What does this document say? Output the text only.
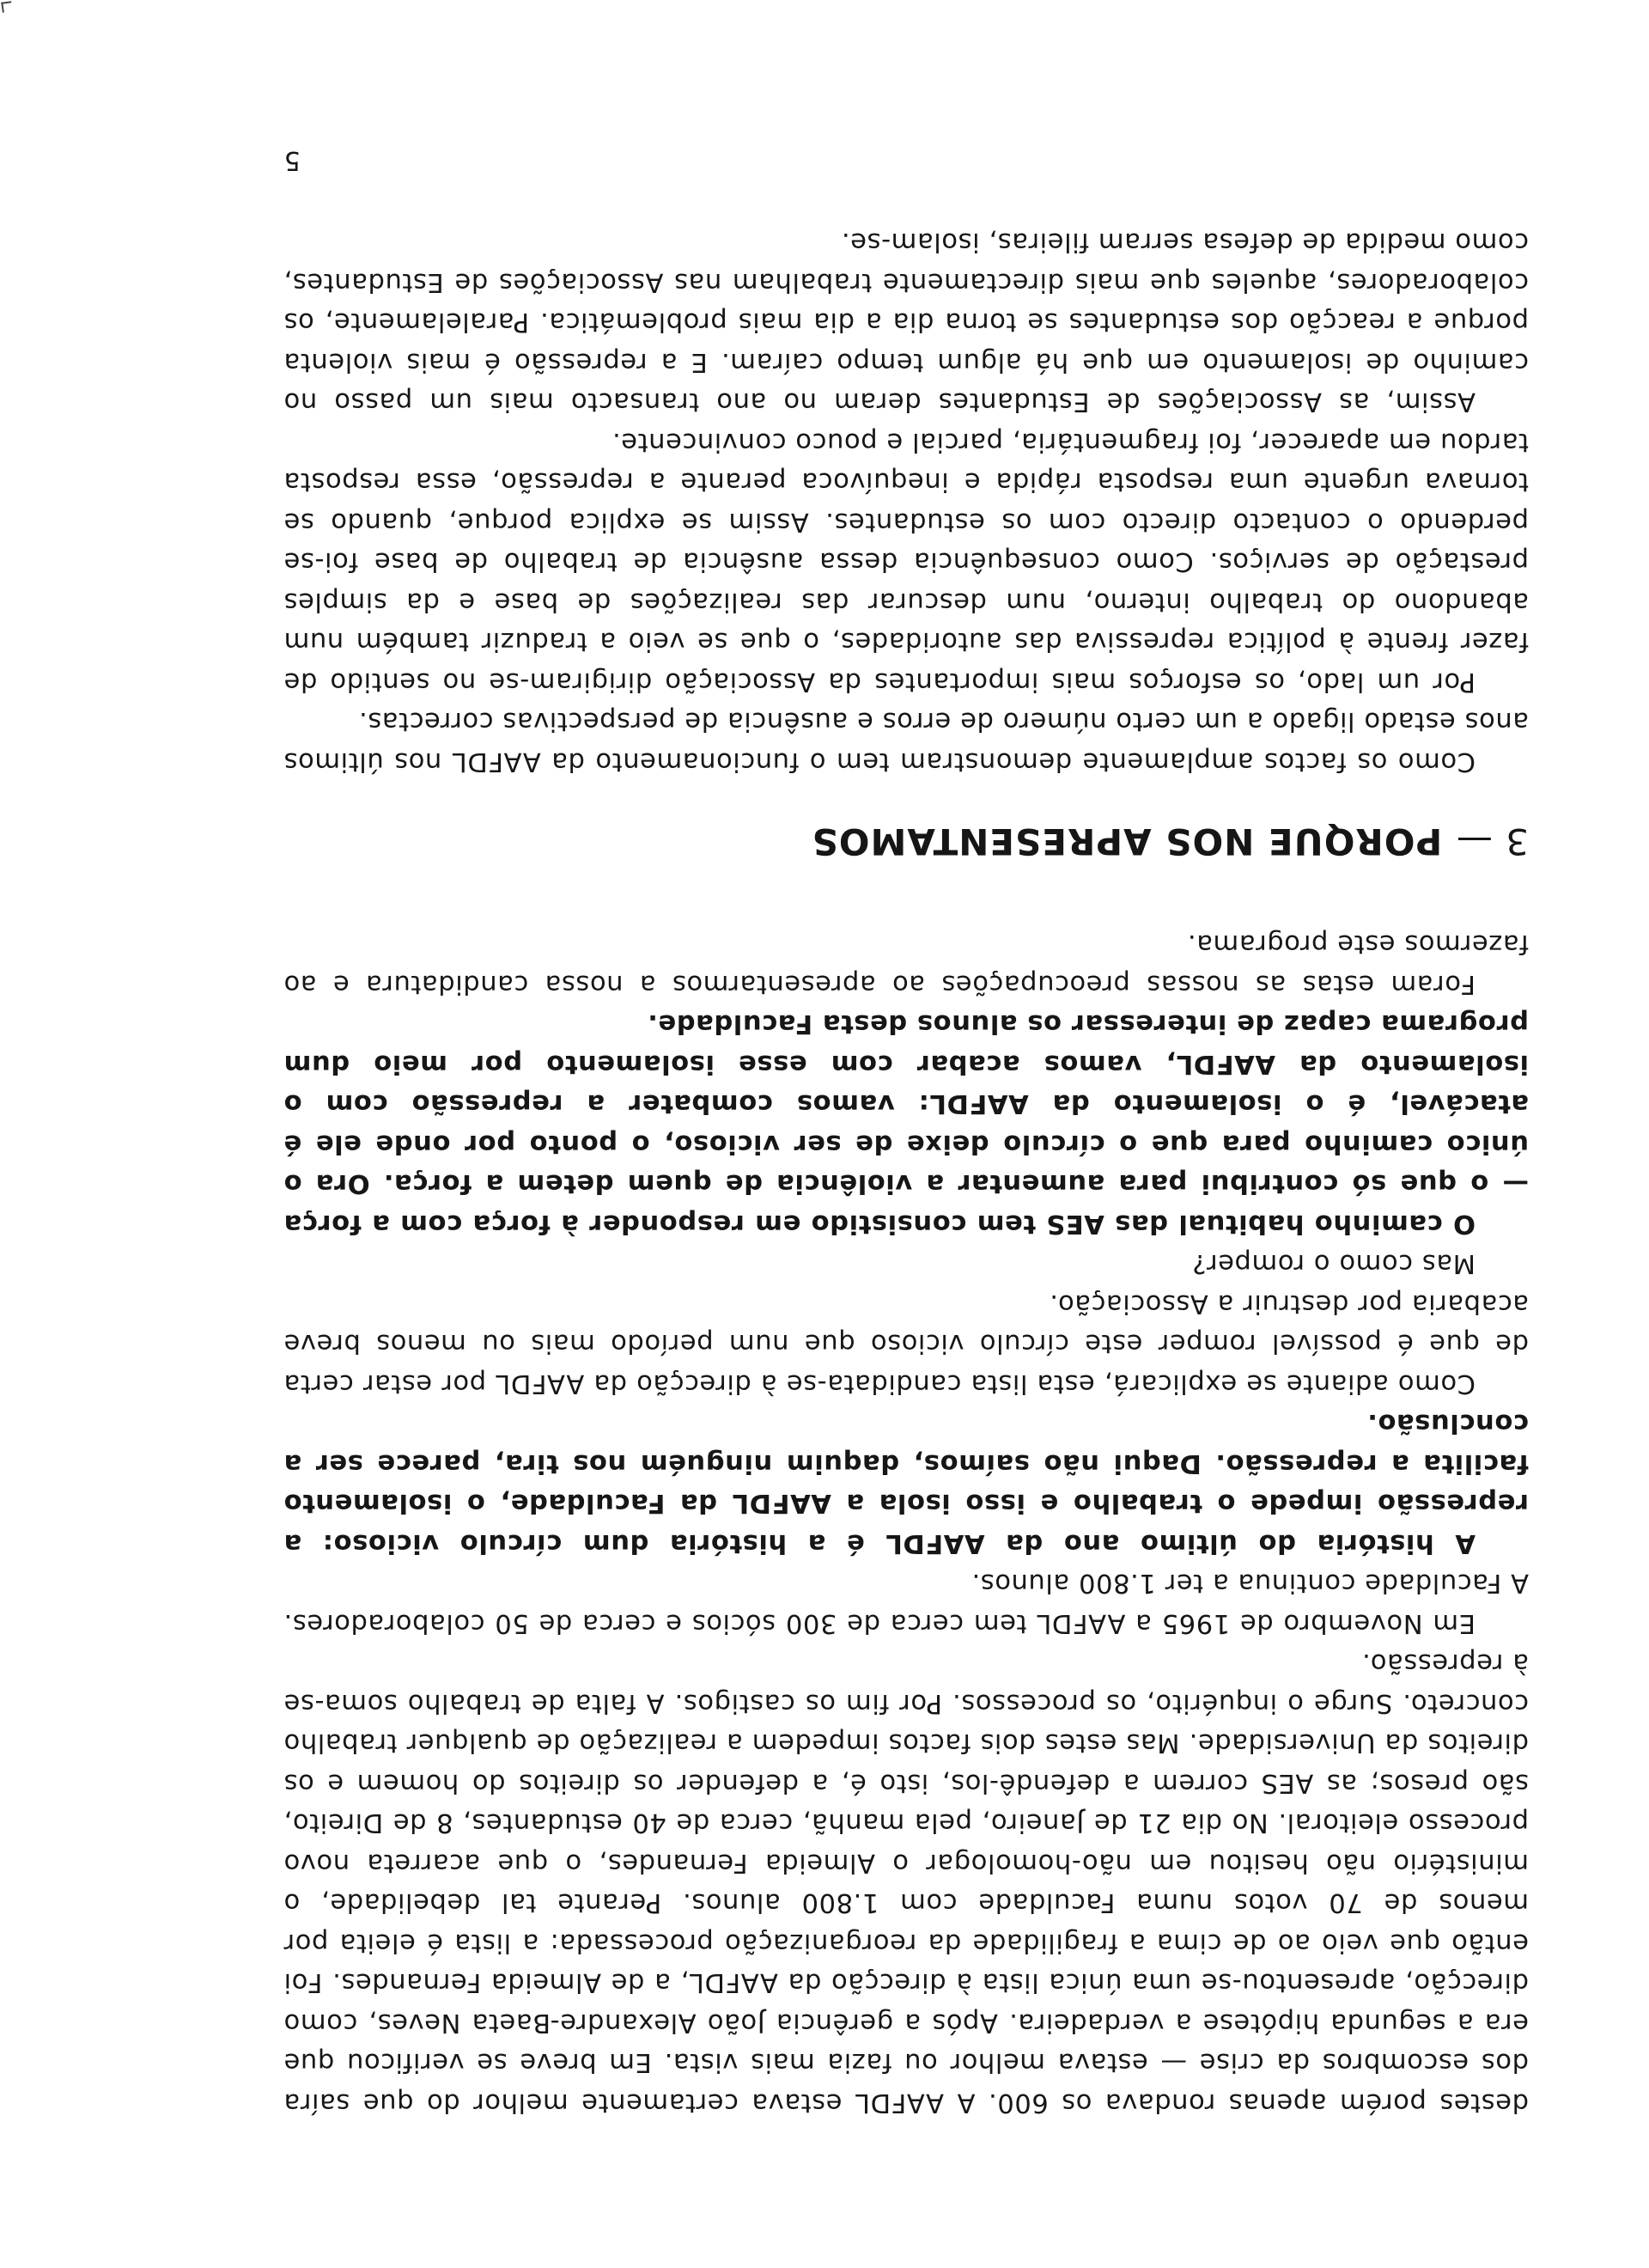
destes porém apenas rondava os 600. A AAFDL estava certamente melhor do que saíra dos escombros da crise — estava melhor ou fazia mais vista. Em breve se verificou que era a segunda hipótese a verdadeira. Após a gerência João Alexandre-Baeta Neves, como direcção, apresentou-se uma única lista à direcção da AAFDL, a de Almeida Fernandes. Foi então que veio ao de cima a fragilidade da reorganização processada: a lista é eleita por menos de 70 votos numa Faculdade com 1.800 alunos. Perante tal debelidade, o ministério não hesitou em não-homologar o Almeida Fernandes, o que acarreta novo processo eleitoral. No dia 21 de Janeiro, pela manhã, cerca de 40 estudantes, 8 de Direito, são presos; as AES correm a defendê-los, isto é, a defender os direitos do homem e os direitos da Universidade. Mas estes dois factos impedem a realização de qualquer trabalho concreto. Surge o inquérito, os processos. Por fim os castigos. A falta de trabalho soma-se à repressão.

Em Novembro de 1965 a AAFDL tem cerca de 300 sócios e cerca de 50 colaboradores. A Faculdade continua a ter 1.800 alunos.

A história do último ano da AAFDL é a história dum círculo vicioso: a repressão impede o trabalho e isso isola a AAFDL da Faculdade, o isolamento facilita a repressão. Daqui não saímos, daquim ninguém nos tira, parece ser a conclusão.

Como adiante se explicará, esta lista candidata-se à direcção da AAFDL por estar certa de que é possível romper este círculo vicioso que num período mais ou menos breve acabaria por destruir a Associação.

Mas como o romper?

O caminho habitual das AES tem consistido em responder à força com a força — o que só contribui para aumentar a violência de quem detem a força. Ora o único caminho para que o círculo deixe de ser vicioso, o ponto por onde ele é atacável, é o isolamento da AAFDL: vamos combater a repressão com o isolamento da AAFDL, vamos acabar com esse isolamento por meio dum programa capaz de interessar os alunos desta Faculdade.

Foram estas as nossas preocupações ao apresentarmos a nossa candidatura e ao fazermos este programa.

3 — PORQUE NOS APRESENTAMOS

Como os factos amplamente demonstram tem o funcionamento da AAFDL nos últimos anos estado ligado a um certo número de erros e ausência de perspectivas correctas.

Por um lado, os esforços mais importantes da Associação dirigiram-se no sentido de fazer frente à política repressiva das autoridades, o que se veio a traduzir também num abandono do trabalho interno, num descurar das realizações de base e da simples prestação de serviços. Como consequência dessa ausência de trabalho de base foi-se perdendo o contacto directo com os estudantes. Assim se explica porque, quando se tornava urgente uma resposta rápida e inequívoca perante a repressão, essa resposta tardou em aparecer, foi fragmentária, parcial e pouco convincente.

Assim, as Associações de Estudantes deram no ano transacto mais um passo no caminho de isolamento em que há algum tempo caíram. E a repressão é mais violenta porque a reacção dos estudantes se torna dia a dia mais problemática. Paralelamente, os colaboradores, aqueles que mais directamente trabalham nas Associações de Estudantes, como medida de defesa serram fileiras, isolam-se.

5
